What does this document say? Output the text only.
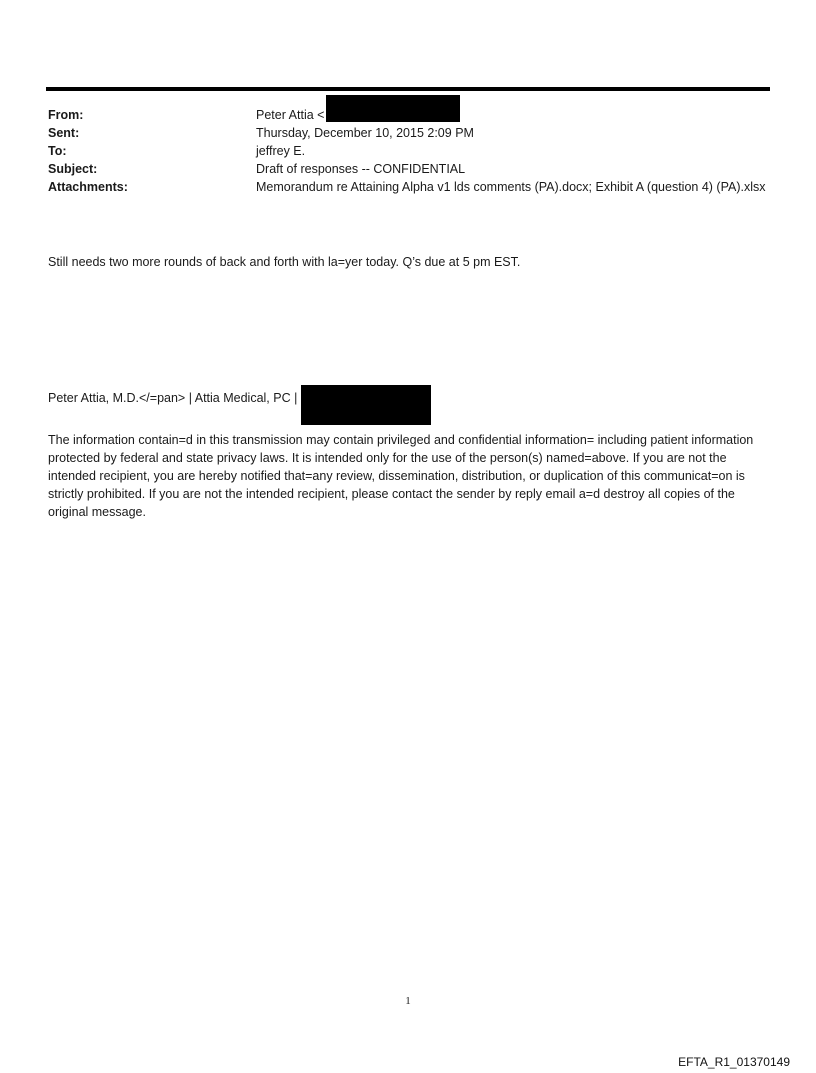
From:	Peter Attia <
Sent:	Thursday, December 10, 2015 2:09 PM
To:	jeffrey E.
Subject:	Draft of responses -- CONFIDENTIAL
Attachments:	Memorandum re Attaining Alpha v1 lds comments (PA).docx; Exhibit A (question 4) (PA).xlsx
Still needs two more rounds of back and forth with la=yer today. Q’s due at 5 pm EST.
Peter Attia, M.D.</=pan> | Attia Medical, PC |
The information contain=d in this transmission may contain privileged and confidential information= including patient information protected by federal and state privacy laws. It is intended only for the use of the person(s) named=above. If you are not the intended recipient, you are hereby notified that=any review, dissemination, distribution, or duplication of this communicat=on is strictly prohibited. If you are not the intended recipient, please contact the sender by reply email a=d destroy all copies of the original message.
1
EFTA_R1_01370149
